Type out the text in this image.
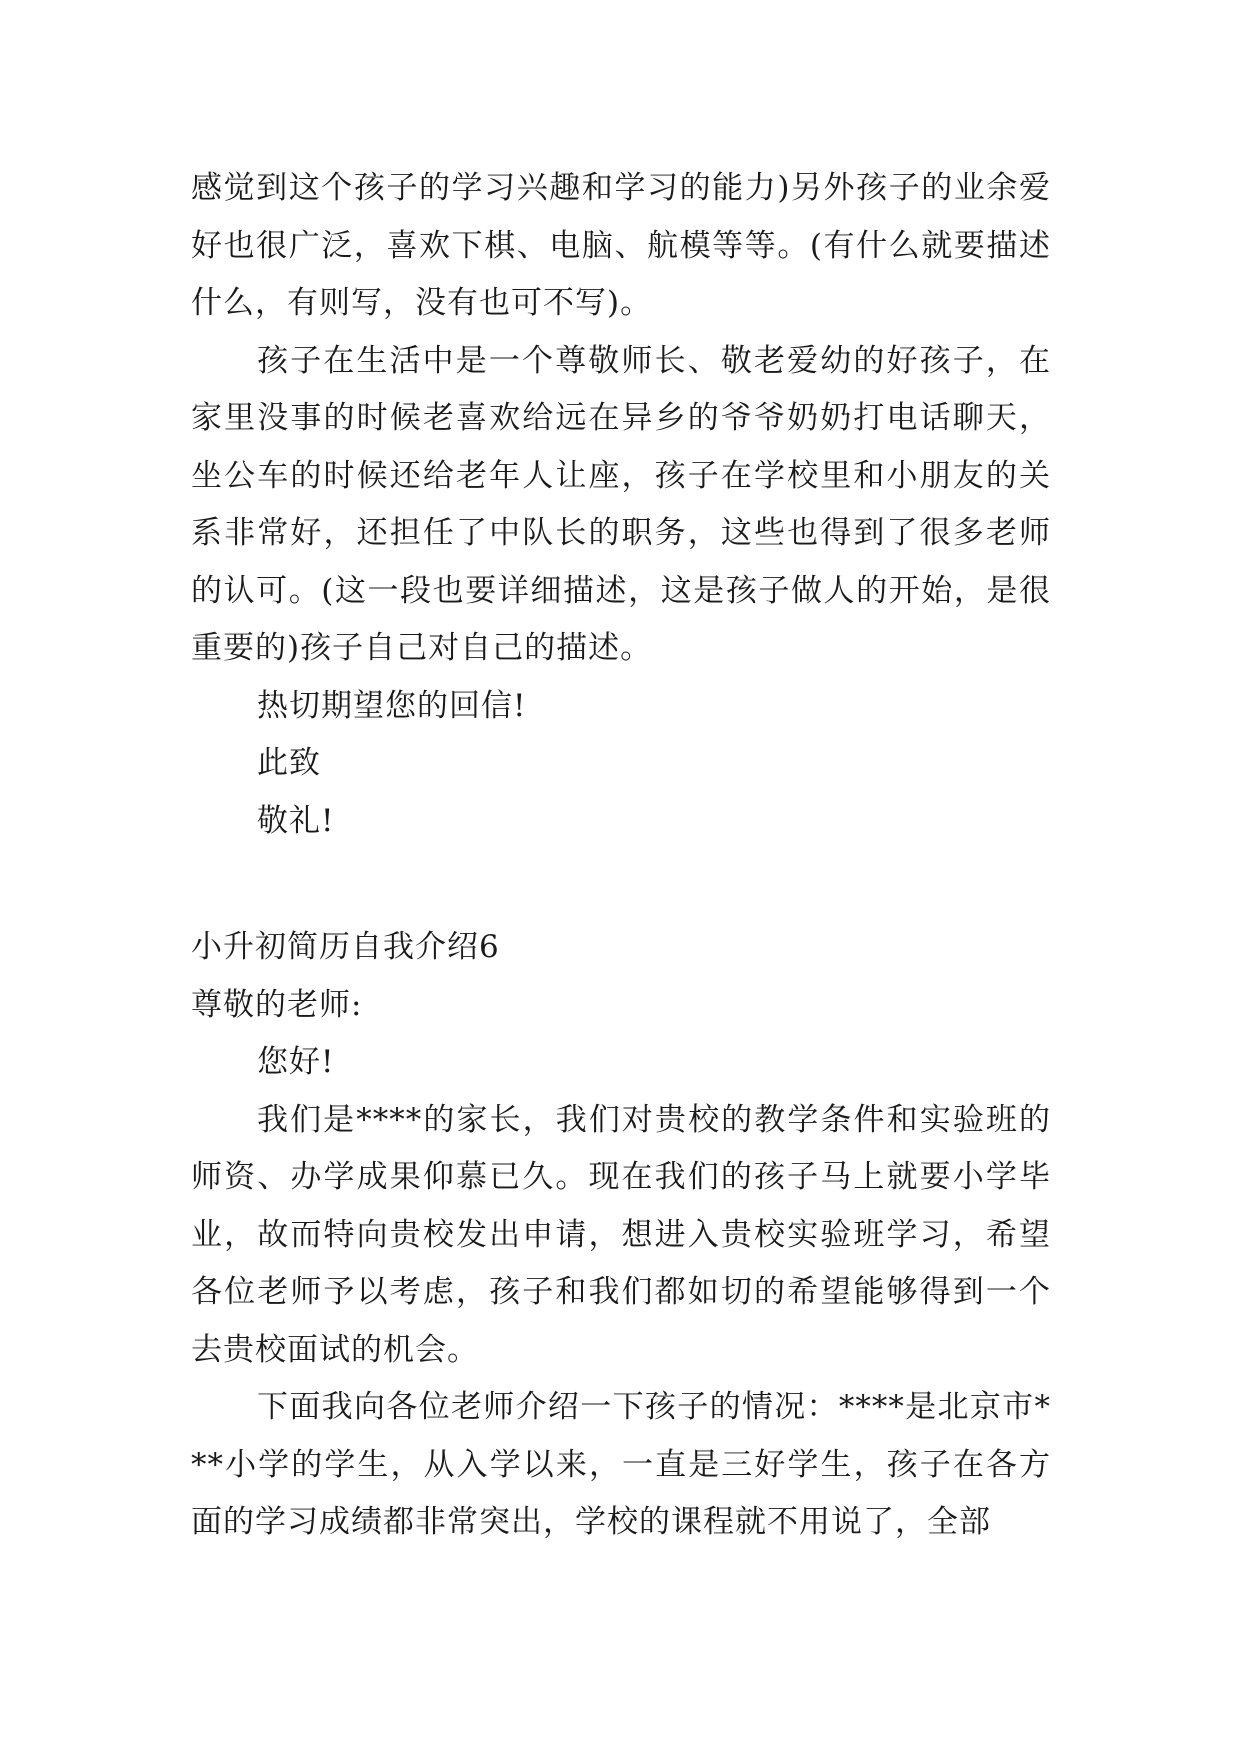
感觉到这个孩子的学习兴趣和学习的能力)另外孩子的业余爱好也很广泛，喜欢下棋、电脑、航模等等。(有什么就要描述什么，有则写，没有也可不写)。

孩子在生活中是一个尊敬师长、敬老爱幼的好孩子，在家里没事的时候老喜欢给远在异乡的爷爷奶奶打电话聊天，坐公车的时候还给老年人让座，孩子在学校里和小朋友的关系非常好，还担任了中队长的职务，这些也得到了很多老师的认可。(这一段也要详细描述，这是孩子做人的开始，是很重要的)孩子自己对自己的描述。

热切期望您的回信!

此致

敬礼!

小升初简历自我介绍6

尊敬的老师:

您好!

我们是****的家长，我们对贵校的教学条件和实验班的师资、办学成果仰慕已久。现在我们的孩子马上就要小学毕业，故而特向贵校发出申请，想进入贵校实验班学习，希望各位老师予以考虑，孩子和我们都如切的希望能够得到一个去贵校面试的机会。

下面我向各位老师介绍一下孩子的情况：****是北京市***小学的学生，从入学以来，一直是三好学生，孩子在各方面的学习成绩都非常突出，学校的课程就不用说了，全部
